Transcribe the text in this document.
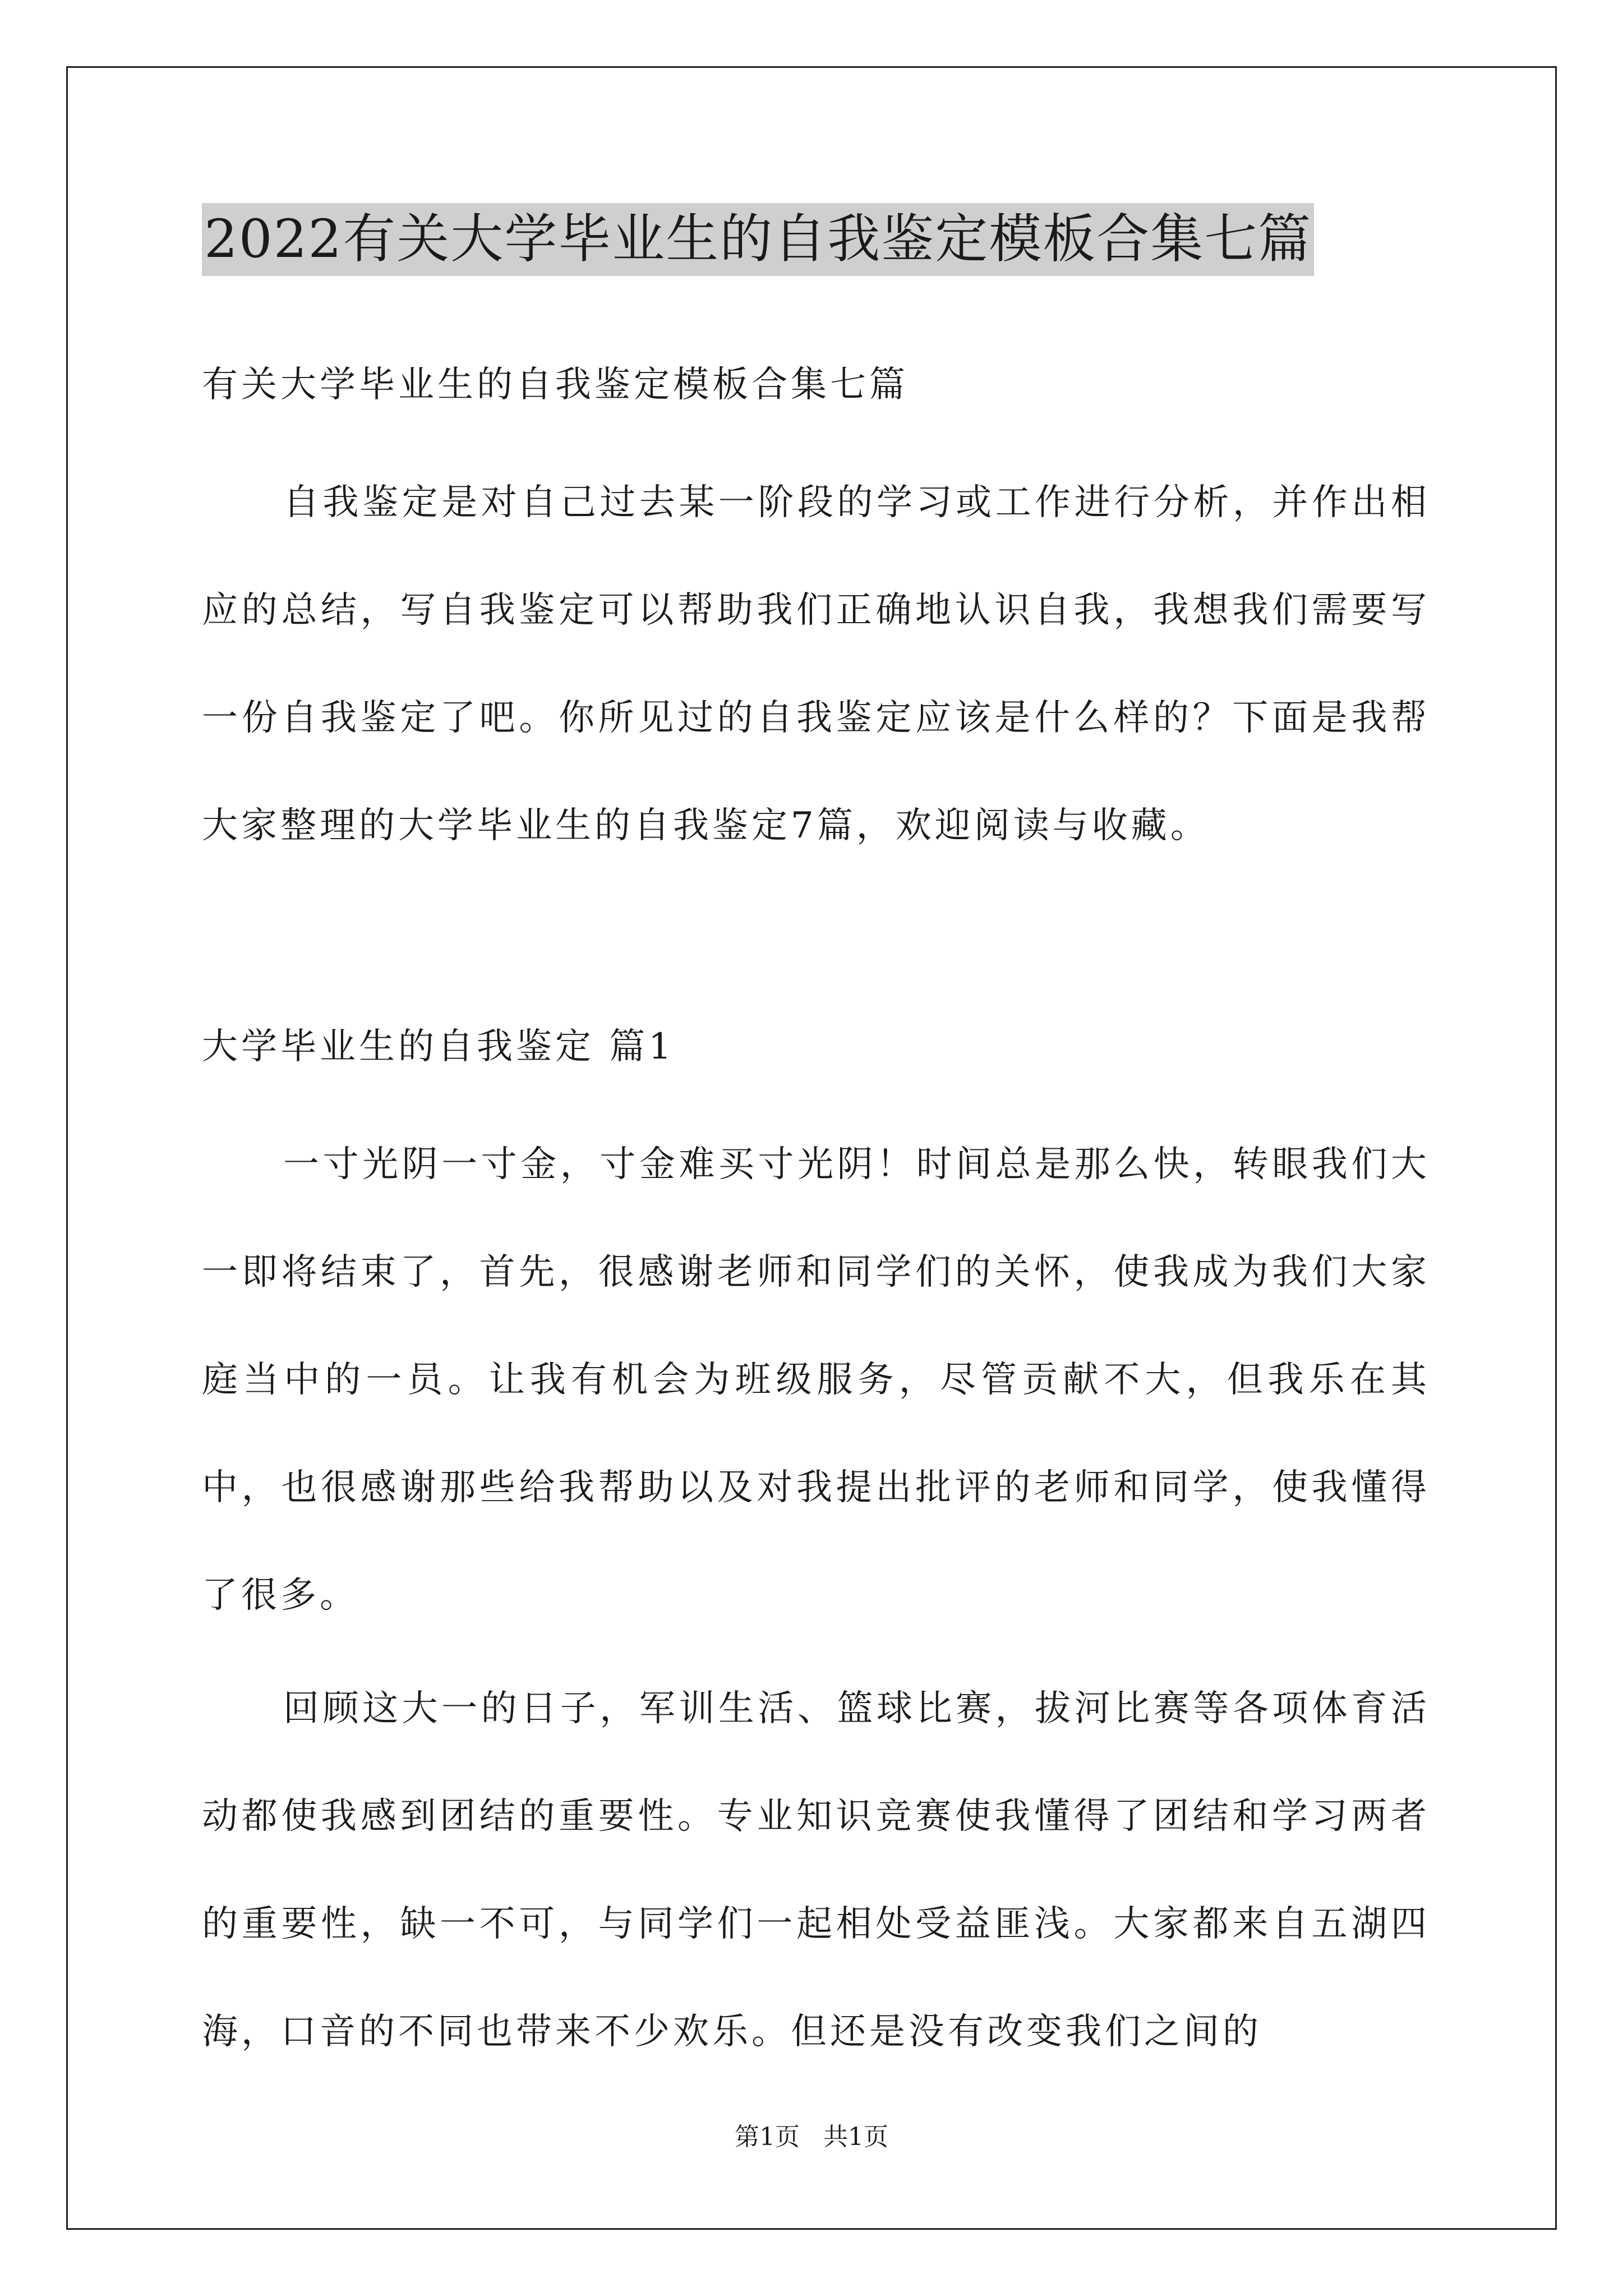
2022有关大学毕业生的自我鉴定模板合集七篇

有关大学毕业生的自我鉴定模板合集七篇

自我鉴定是对自己过去某一阶段的学习或工作进行分析，并作出相应的总结，写自我鉴定可以帮助我们正确地认识自我，我想我们需要写一份自我鉴定了吧。你所见过的自我鉴定应该是什么样的？下面是我帮大家整理的大学毕业生的自我鉴定7篇，欢迎阅读与收藏。

大学毕业生的自我鉴定 篇1

一寸光阴一寸金，寸金难买寸光阴！时间总是那么快，转眼我们大一即将结束了，首先，很感谢老师和同学们的关怀，使我成为我们大家庭当中的一员。让我有机会为班级服务，尽管贡献不大，但我乐在其中，也很感谢那些给我帮助以及对我提出批评的老师和同学，使我懂得了很多。

回顾这大一的日子，军训生活、篮球比赛，拔河比赛等各项体育活动都使我感到团结的重要性。专业知识竞赛使我懂得了团结和学习两者的重要性，缺一不可，与同学们一起相处受益匪浅。大家都来自五湖四海，口音的不同也带来不少欢乐。但还是没有改变我们之间的

第1页   共1页
